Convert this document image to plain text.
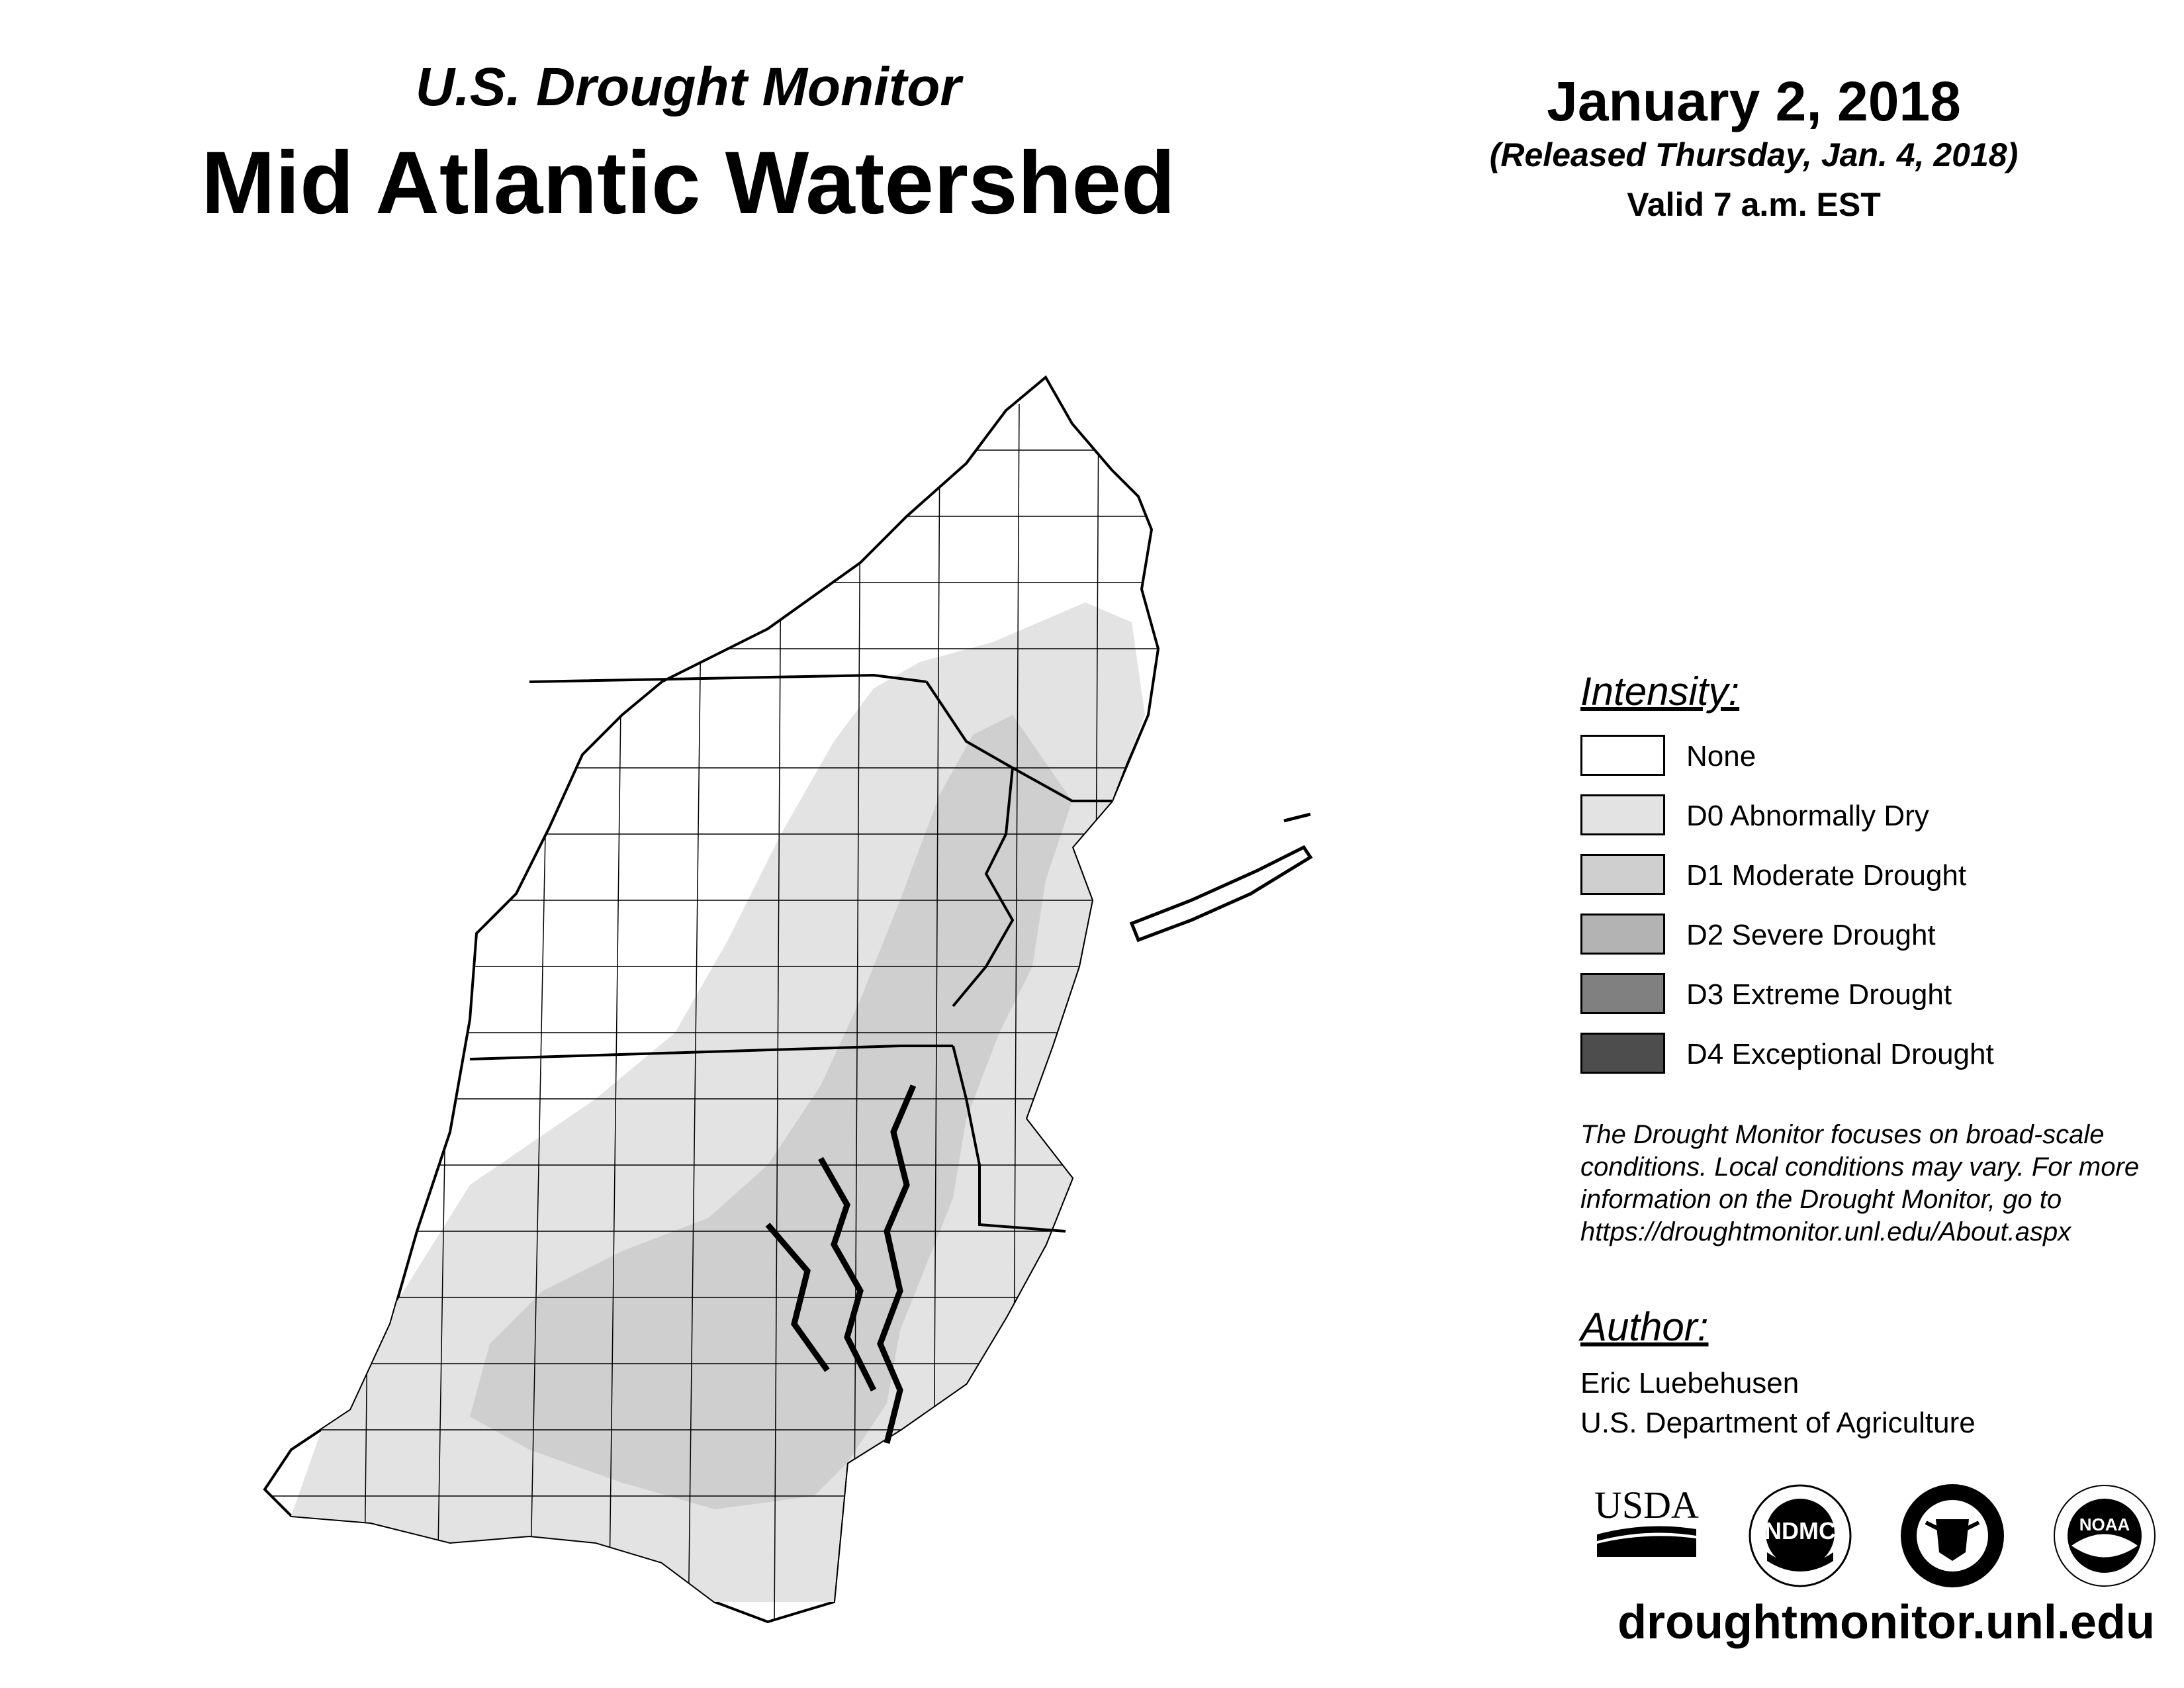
U.S. Drought Monitor
Mid Atlantic Watershed
January 2, 2018
(Released Thursday, Jan. 4, 2018)
Valid 7 a.m. EST
Intensity:
None
D0 Abnormally Dry
D1 Moderate Drought
D2 Severe Drought
D3 Extreme Drought
D4 Exceptional Drought
The Drought Monitor focuses on broad-scale conditions. Local conditions may vary. For more information on the Drought Monitor, go to https://droughtmonitor.unl.edu/About.aspx
Author:
Eric Luebehusen
U.S. Department of Agriculture
USDA
NDMC	NOAA
droughtmonitor.unl.edu
